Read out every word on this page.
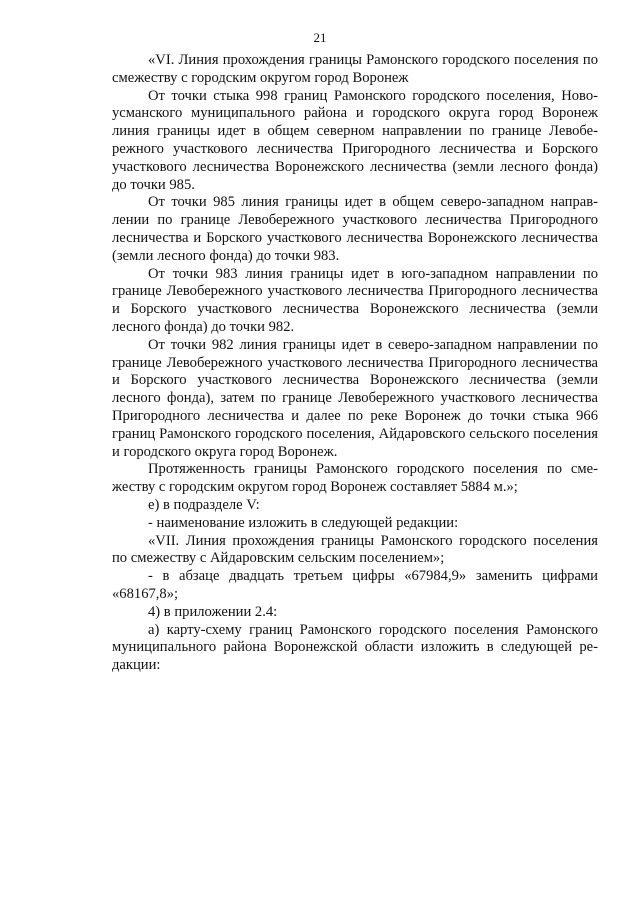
21

«VI. Линия прохождения границы Рамонского городского поселения по смежеству с городским округом город Воронеж

От точки стыка 998 границ Рамонского городского поселения, Новоусманского муниципального района и городского округа город Воронеж линия границы идет в общем северном направлении по границе Левобережного участкового лесничества Пригородного лесничества и Борского участкового лесничества Воронежского лесничества (земли лесного фонда) до точки 985.

От точки 985 линия границы идет в общем северо-западном направлении по границе Левобережного участкового лесничества Пригородного лесничества и Борского участкового лесничества Воронежского лесничества (земли лесного фонда) до точки 983.

От точки 983 линия границы идет в юго-западном направлении по границе Левобережного участкового лесничества Пригородного лесничества и Борского участкового лесничества Воронежского лесничества (земли лесного фонда) до точки 982.

От точки 982 линия границы идет в северо-западном направлении по границе Левобережного участкового лесничества Пригородного лесничества и Борского участкового лесничества Воронежского лесничества (земли лесного фонда), затем по границе Левобережного участкового лесничества Пригородного лесничества и далее по реке Воронеж до точки стыка 966 границ Рамонского городского поселения, Айдаровского сельского поселения и городского округа город Воронеж.

Протяженность границы Рамонского городского поселения по смежеству с городским округом город Воронеж составляет 5884 м.»;

е) в подразделе V:

- наименование изложить в следующей редакции:

«VII. Линия прохождения границы Рамонского городского поселения по смежеству с Айдаровским сельским поселением»;

- в абзаце двадцать третьем цифры «67984,9» заменить цифрами «68167,8»;

4) в приложении 2.4:

а) карту-схему границ Рамонского городского поселения Рамонского муниципального района Воронежской области изложить в следующей редакции:
